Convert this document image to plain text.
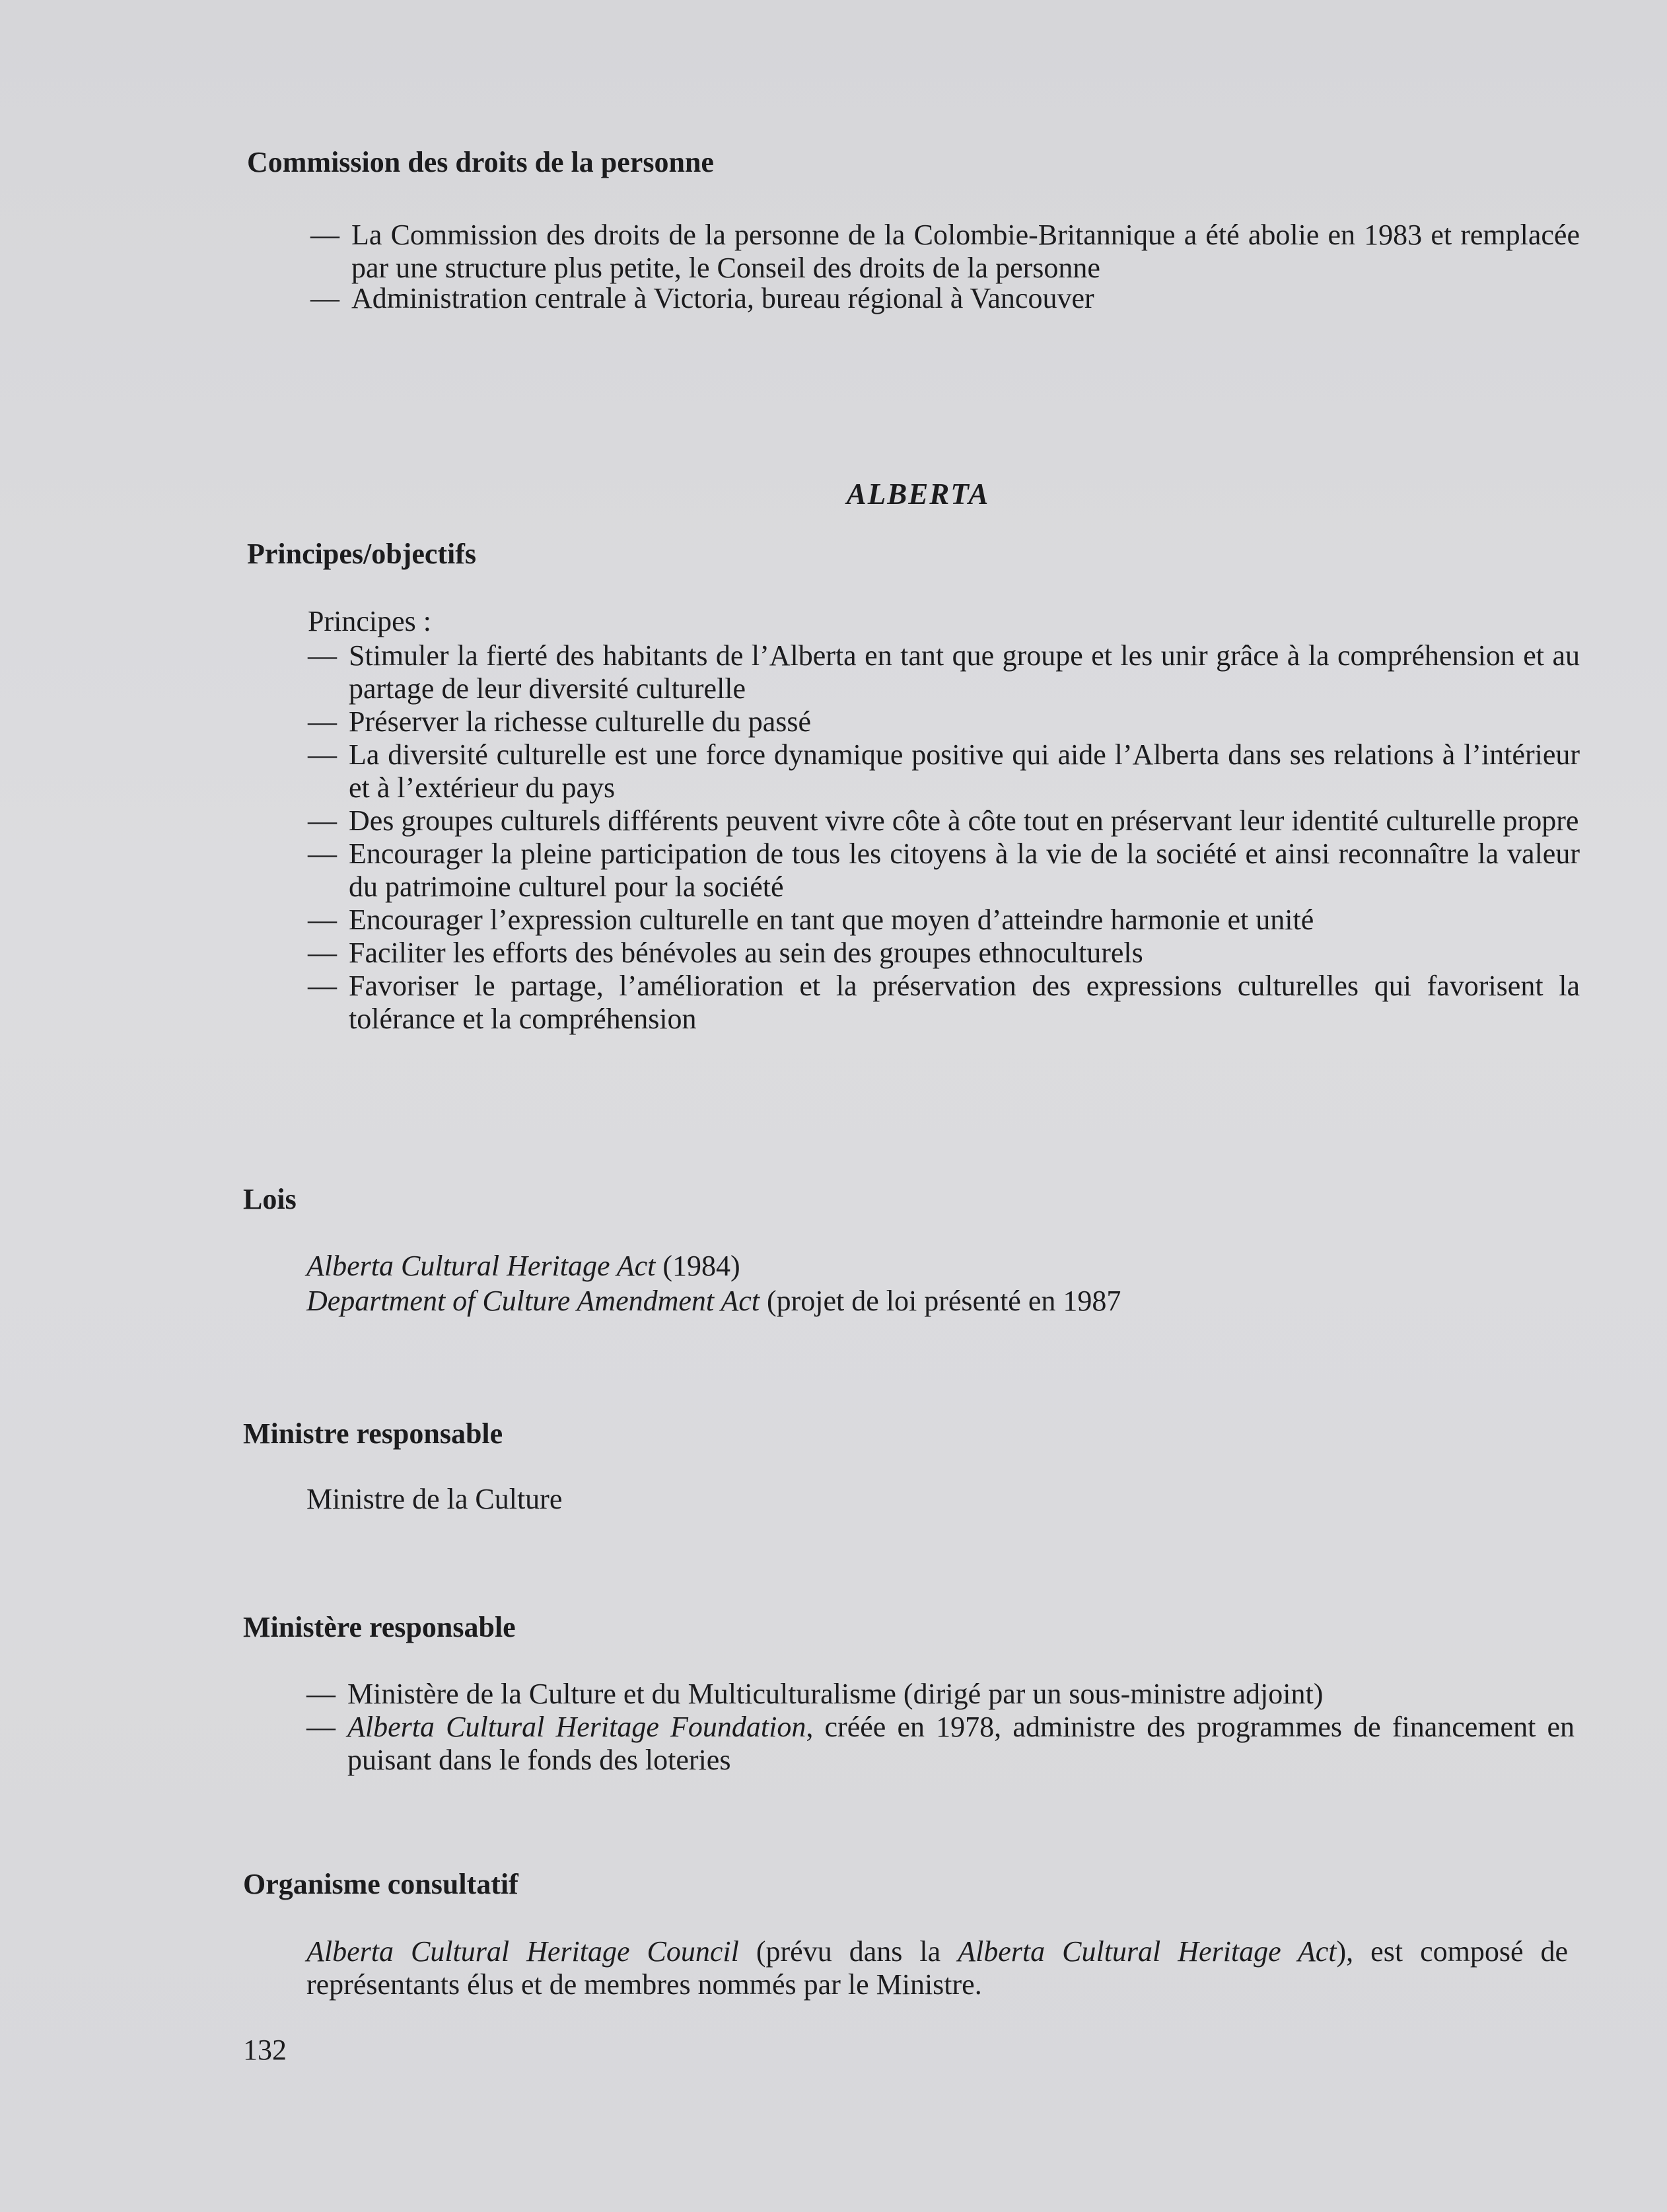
Commission des droits de la personne
— La Commission des droits de la personne de la Colombie-Britannique a été abolie en 1983 et remplacée par une structure plus petite, le Conseil des droits de la personne
— Administration centrale à Victoria, bureau régional à Vancouver
ALBERTA
Principes/objectifs

Principes :

— Stimuler la fierté des habitants de l’Alberta en tant que groupe et les unir grâce à la compréhension et au partage de leur diversité culturelle
— Préserver la richesse culturelle du passé
— La diversité culturelle est une force dynamique positive qui aide l’Alberta dans ses relations à l’intérieur et à l’extérieur du pays
— Des groupes culturels différents peuvent vivre côte à côte tout en préservant leur identité culturelle propre
— Encourager la pleine participation de tous les citoyens à la vie de la société et ainsi reconnaître la valeur du patrimoine culturel pour la société
— Encourager l’expression culturelle en tant que moyen d’atteindre harmonie et unité
— Faciliter les efforts des bénévoles au sein des groupes ethnoculturels
— Favoriser le partage, l’amélioration et la préservation des expressions culturelles qui favorisent la tolérance et la compréhension
Lois

Alberta Cultural Heritage Act (1984)

Department of Culture Amendment Act (projet de loi présenté en 1987

Ministre responsable

Ministre de la Culture

Ministère responsable
— Ministère de la Culture et du Multiculturalisme (dirigé par un sous-ministre adjoint)
— Alberta Cultural Heritage Foundation, créée en 1978, administre des programmes de financement en puisant dans le fonds des loteries
Organisme consultatif

Alberta Cultural Heritage Council (prévu dans la Alberta Cultural Heritage Act), est composé de représentants élus et de membres nommés par le Ministre.

132
